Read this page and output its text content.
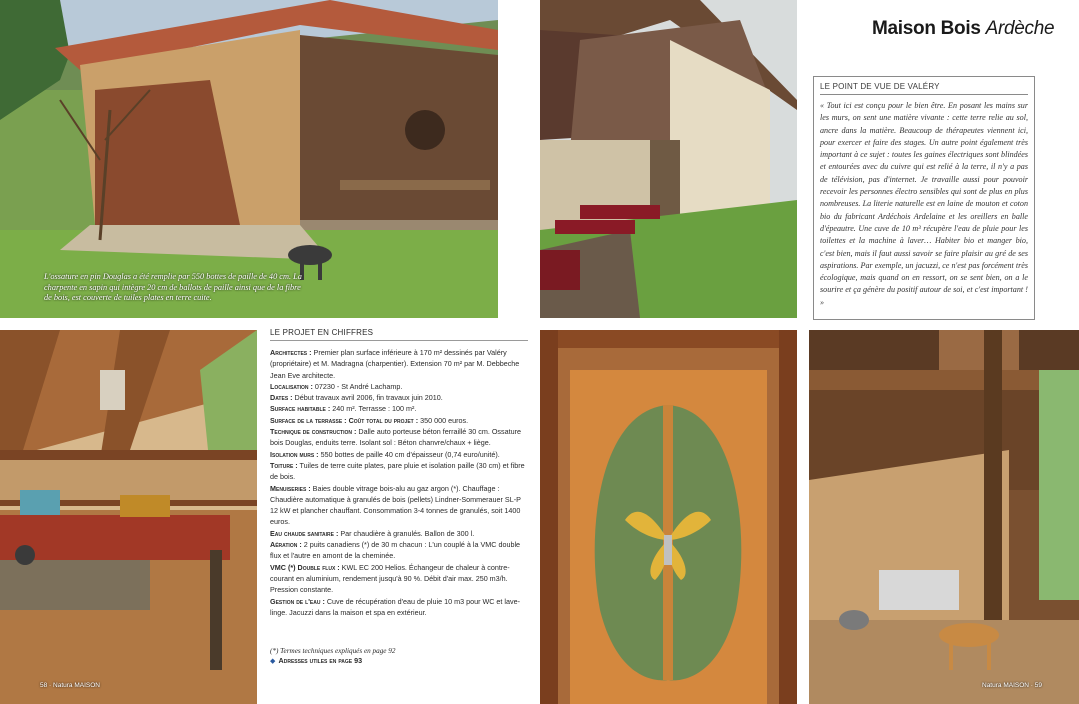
Maison Bois Ardèche
LE POINT DE VUE DE VALÉRY
« Tout ici est conçu pour le bien être. En posant les mains sur les murs, on sent une matière vivante : cette terre relie au sol, ancre dans la matière. Beaucoup de thérapeutes viennent ici, pour exercer et faire des stages. Un autre point également très important à ce sujet : toutes les gaines électriques sont blindées et entourées avec du cuivre qui est relié à la terre, il n'y a pas de télévision, pas d'internet. Je travaille aussi pour pouvoir recevoir les personnes électro sensibles qui sont de plus en plus nombreuses. La literie naturelle est en laine de mouton et coton bio du fabricant Ardéchois Ardelaine et les oreillers en balle d'épeautre. Une cuve de 10 m³ récupère l'eau de pluie pour les toilettes et la machine à laver… Habiter bio et manger bio, c'est bien, mais il faut aussi savoir se faire plaisir au gré de ses aspirations. Par exemple, un jacuzzi, ce n'est pas forcément très écologique, mais quand on en ressort, on se sent bien, on a le sourire et ça génère du positif autour de soi, et c'est important ! »
L'ossature en pin Douglas a été remplie par 550 bottes de paille de 40 cm. La charpente en sapin qui intègre 20 cm de ballots de paille ainsi que de la fibre de bois, est couverte de tuiles plates en terre cuite.
LE PROJET EN CHIFFRES

Architectes : Premier plan surface inférieure à 170 m² dessinés par Valéry (propriétaire) et M. Madragna (charpentier). Extension 70 m² par M. Debbeche Jean Eve architecte.

Localisation : 07230 - St André Lachamp.

Dates : Début travaux avril 2006, fin travaux juin 2010.

Surface habitable : 240 m². Terrasse : 100 m².

Surface de la terrasse : Coût total du projet : 350 000 euros.

Technique de construction : Dalle auto porteuse béton ferraillé 30 cm. Ossature bois Douglas, enduits terre. Isolant sol : Béton chanvre/chaux + liège.

Isolation murs : 550 bottes de paille 40 cm d'épaisseur (0,74 euro/unité).

Toiture : Tuiles de terre cuite plates, pare pluie et isolation paille (30 cm) et fibre de bois.

Menuiseries : Baies double vitrage bois-alu au gaz argon (*). Chauffage : Chaudière automatique à granulés de bois (pellets) Lindner-Sommerauer SL-P 12 kW et plancher chauffant. Consommation 3-4 tonnes de granulés, soit 1400 euros.

Eau chaude sanitaire : Par chaudière à granulés. Ballon de 300 l.

Aération : 2 puits canadiens (*) de 30 m chacun : L'un couplé à la VMC double flux et l'autre en amont de la cheminée.

VMC (*) Double flux : KWL EC 200 Helios. Échangeur de chaleur à contre-courant en aluminium, rendement jusqu'à 90 %. Débit d'air max. 250 m3/h. Pression constante.

Gestion de l'eau : Cuve de récupération d'eau de pluie 10 m3 pour WC et lave-linge. Jacuzzi dans la maison et spa en extérieur.

(*) Termes techniques expliqués en page 92
◆ Adresses utiles en page 93
58 · Natura MAISON	Natura MAISON · 59
